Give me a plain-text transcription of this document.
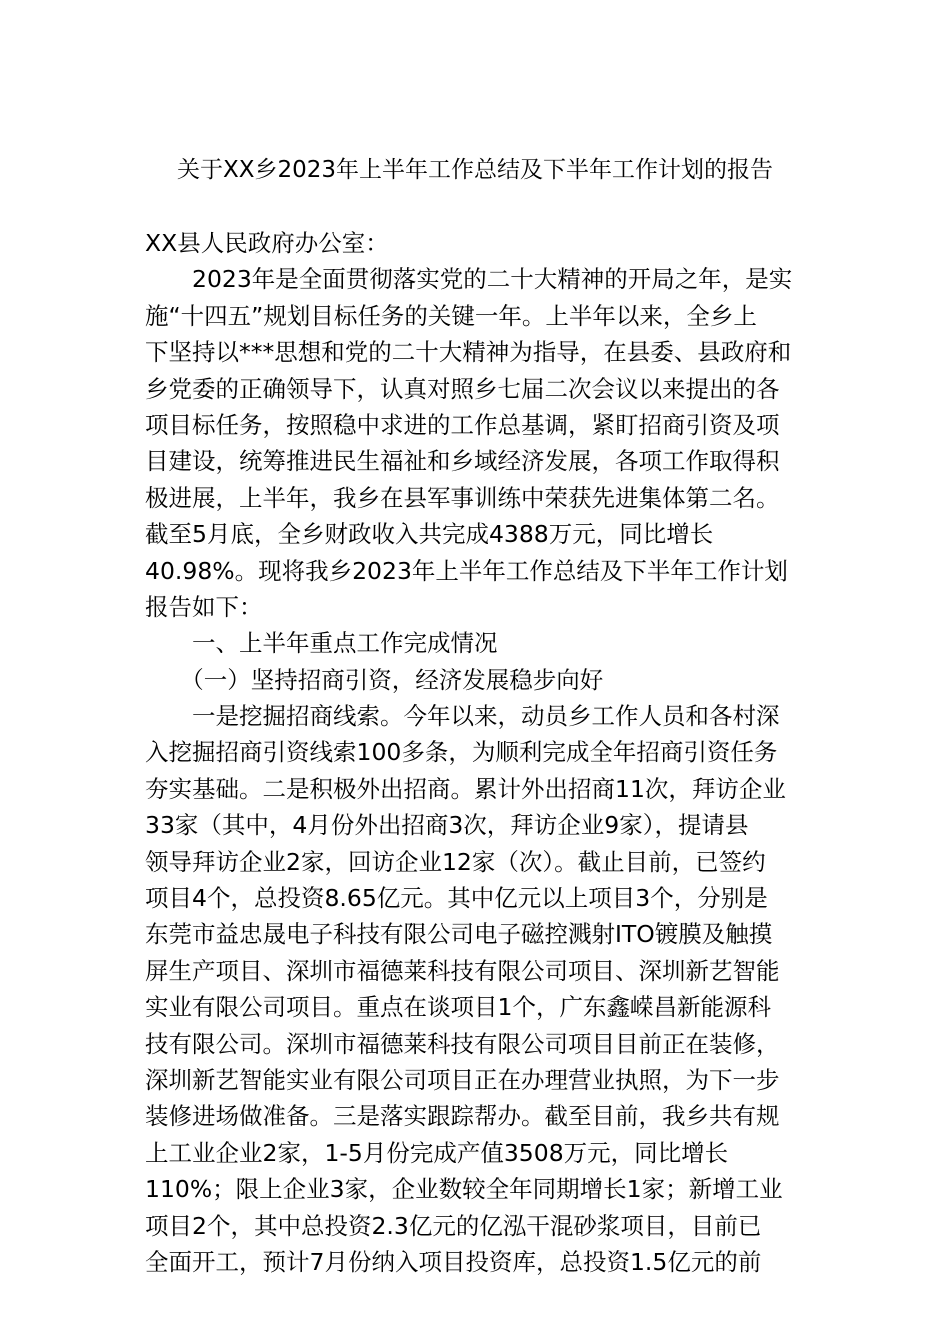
关于XX乡2023年上半年工作总结及下半年工作计划的报告
XX县人民政府办公室：
　　2023年是全面贯彻落实党的二十大精神的开局之年，是实
施“十四五”规划目标任务的关键一年。上半年以来，全乡上
下坚持以***思想和党的二十大精神为指导，在县委、县政府和
乡党委的正确领导下，认真对照乡七届二次会议以来提出的各
项目标任务，按照稳中求进的工作总基调，紧盯招商引资及项
目建设，统筹推进民生福祉和乡域经济发展，各项工作取得积
极进展，上半年，我乡在县军事训练中荣获先进集体第二名。
截至5月底，全乡财政收入共完成4388万元，同比增长
40.98%。现将我乡2023年上半年工作总结及下半年工作计划
报告如下：
　　一、上半年重点工作完成情况
　　（一）坚持招商引资，经济发展稳步向好
　　一是挖掘招商线索。今年以来，动员乡工作人员和各村深
入挖掘招商引资线索100多条，为顺利完成全年招商引资任务
夯实基础。二是积极外出招商。累计外出招商11次，拜访企业
33家（其中，4月份外出招商3次，拜访企业9家），提请县
领导拜访企业2家，回访企业12家（次）。截止目前，已签约
项目4个，总投资8.65亿元。其中亿元以上项目3个，分别是
东莞市益忠晟电子科技有限公司电子磁控溅射ITO镀膜及触摸
屏生产项目、深圳市福德莱科技有限公司项目、深圳新艺智能
实业有限公司项目。重点在谈项目1个，广东鑫嵘昌新能源科
技有限公司。深圳市福德莱科技有限公司项目目前正在装修，
深圳新艺智能实业有限公司项目正在办理营业执照，为下一步
装修进场做准备。三是落实跟踪帮办。截至目前，我乡共有规
上工业企业2家，1-5月份完成产值3508万元，同比增长
110%；限上企业3家，企业数较全年同期增长1家；新增工业
项目2个，其中总投资2.3亿元的亿泓干混砂浆项目，目前已
全面开工，预计7月份纳入项目投资库，总投资1.5亿元的前
